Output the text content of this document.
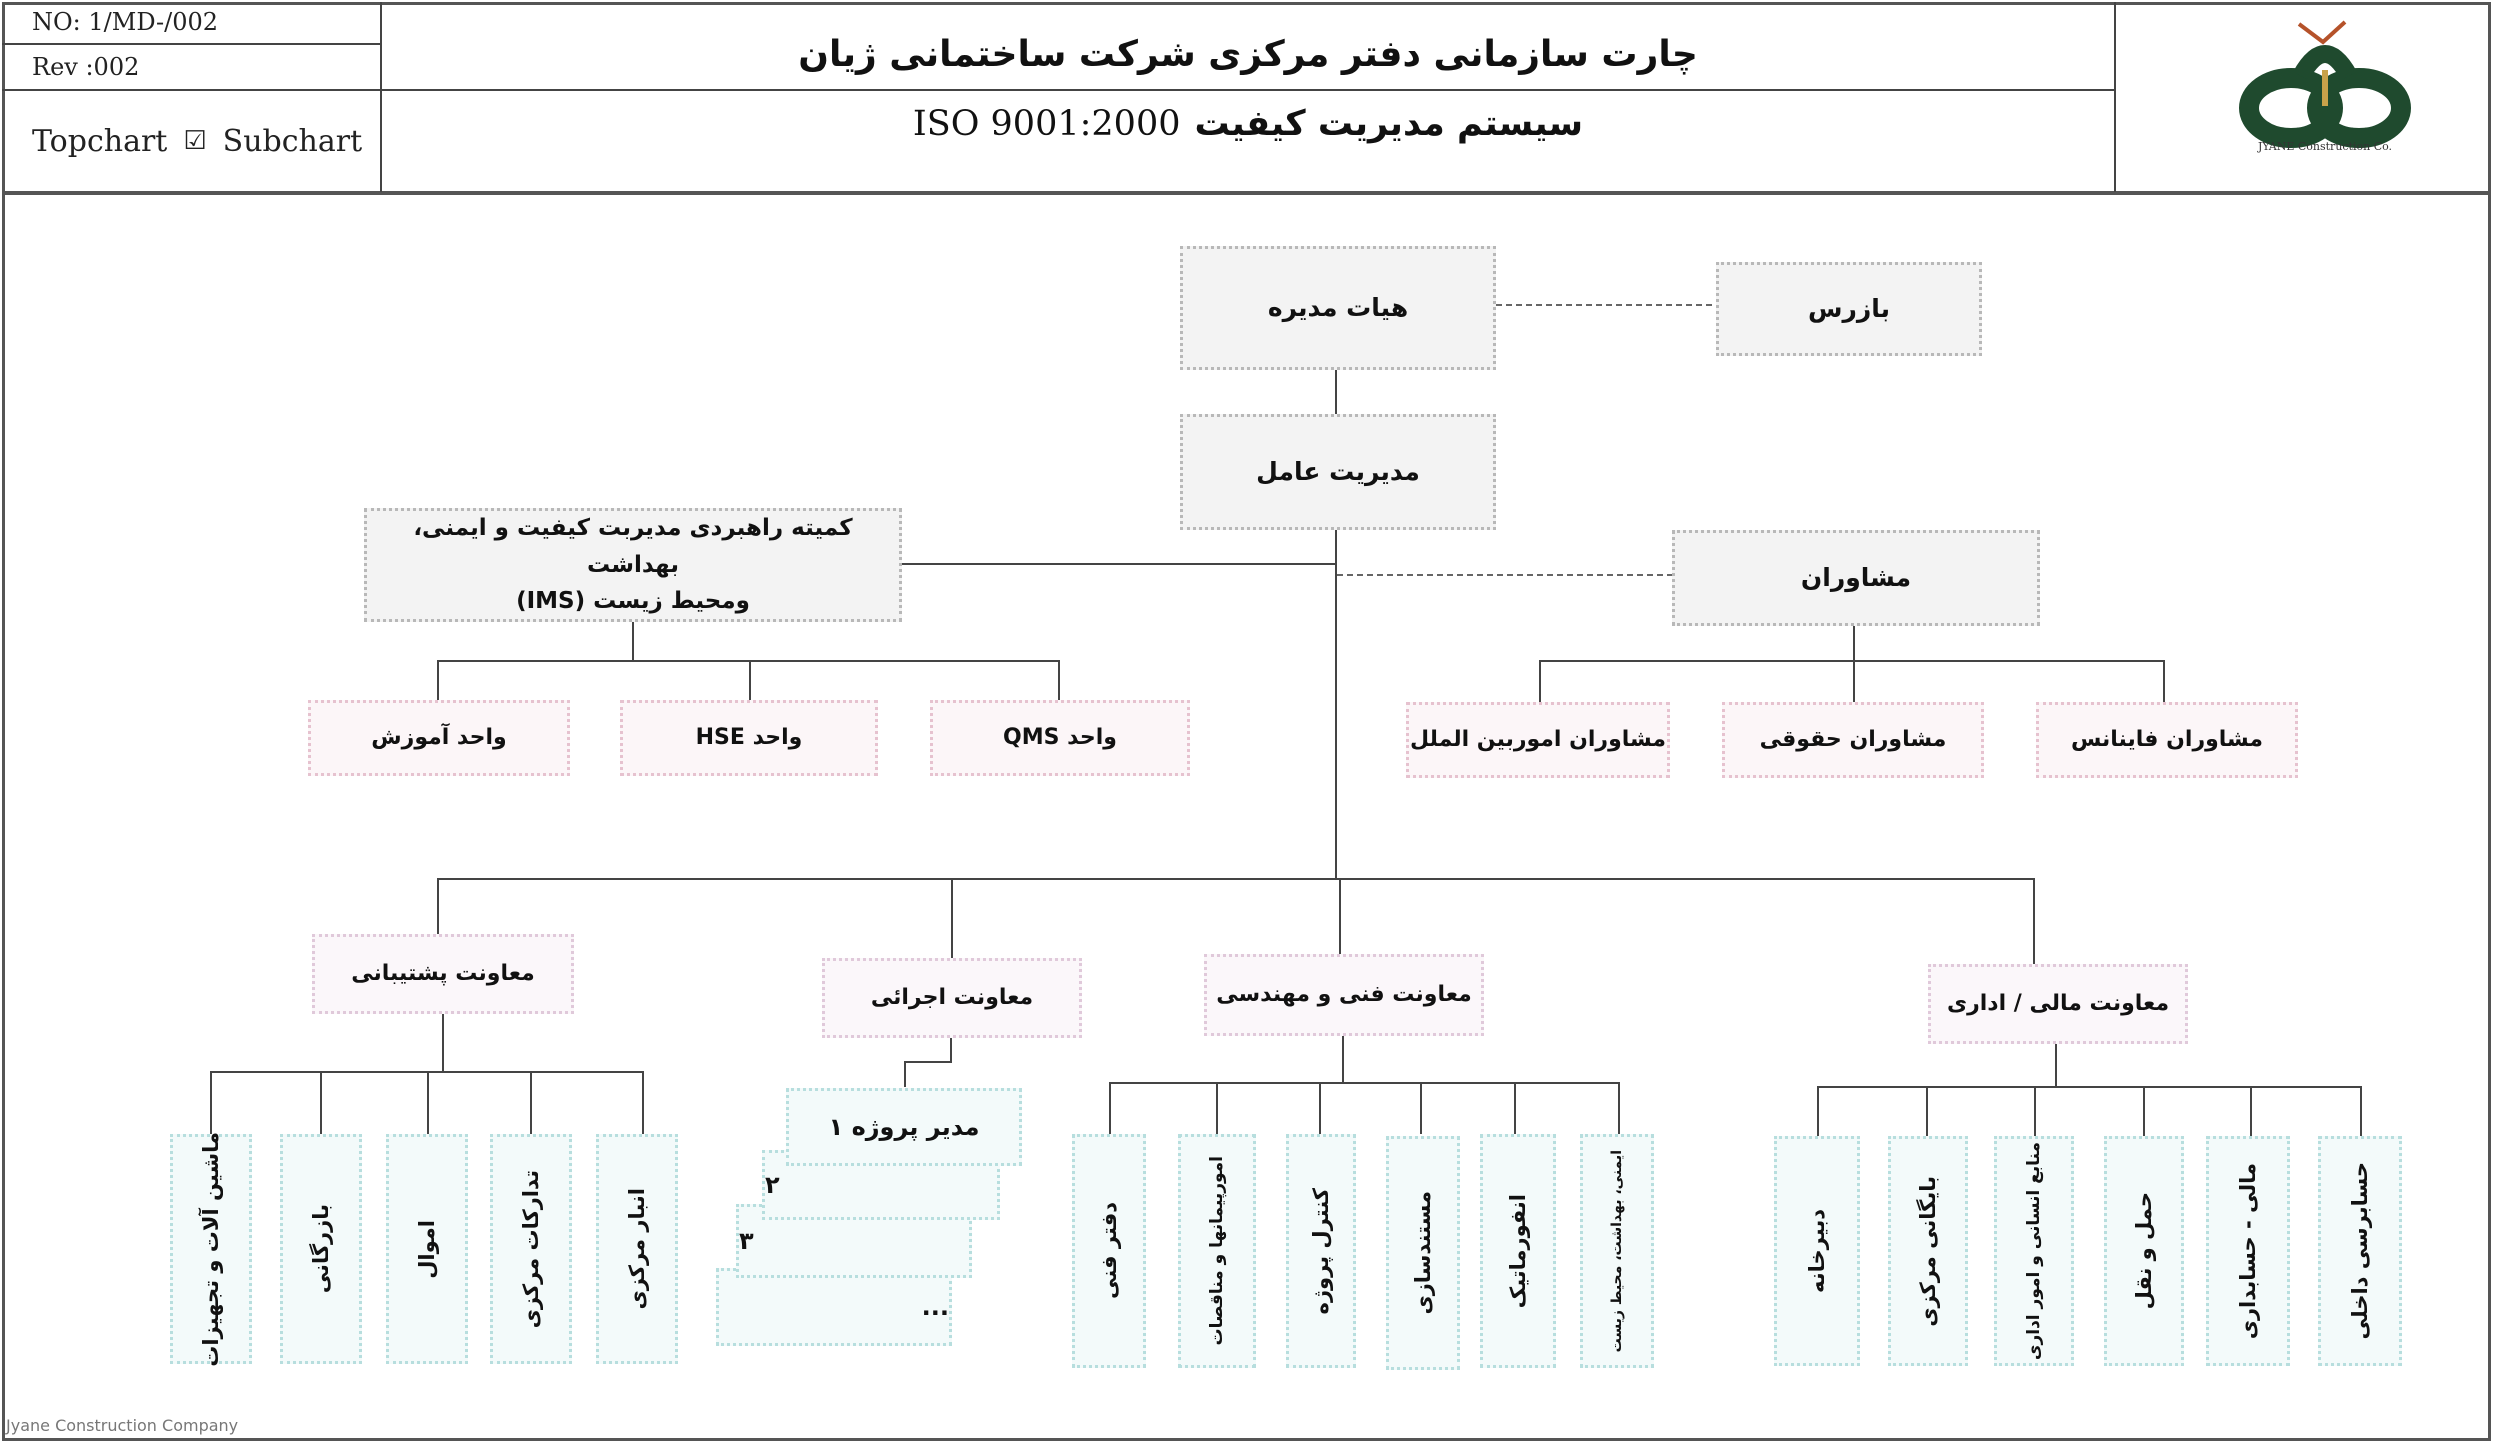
NO: 1/MD-/002
Rev :002
Topchart ☑ Subchart
چارت سازمانی دفتر مرکزی شرکت ساختمانی ژیان
سیستم مدیریت کیفیت
ISO 9001:2000
JYANE Construction Co.
هیات مدیره	بازرس
مدیریت عامل
کمیته راهبردی مدیربت کیفیت و ایمنی، بهداشت
ومحیط زیست (IMS)
مشاوران
واحد آموزش	واحد HSE	واحد QMS	مشاوران امور‌بین الملل	مشاوران حقوقی	مشاوران فاینانس
معاونت پشتیبانی
معاونت اجرائی	معاونت فنی و مهندسی	معاونت مالی / اداری
ماشین آلات و تجهیزات	بازرگانی	اموال	تدارکات مرکزی	انبار مرکزی	...
۳
۲
مدیر پروژه ۱
دفتر فنی	امورپیمانها و مناقصات	کنترل پروژه	مستندسازی	انفورماتیک	ایمنی، بهداشت، محیط زیست	دبیرخانه	بایگانی مرکزی	منابع انسانی و امور اداری	حمل و نقل	مالی - حسابداری	حسابرسی داخلی
Jyane Construction Company
